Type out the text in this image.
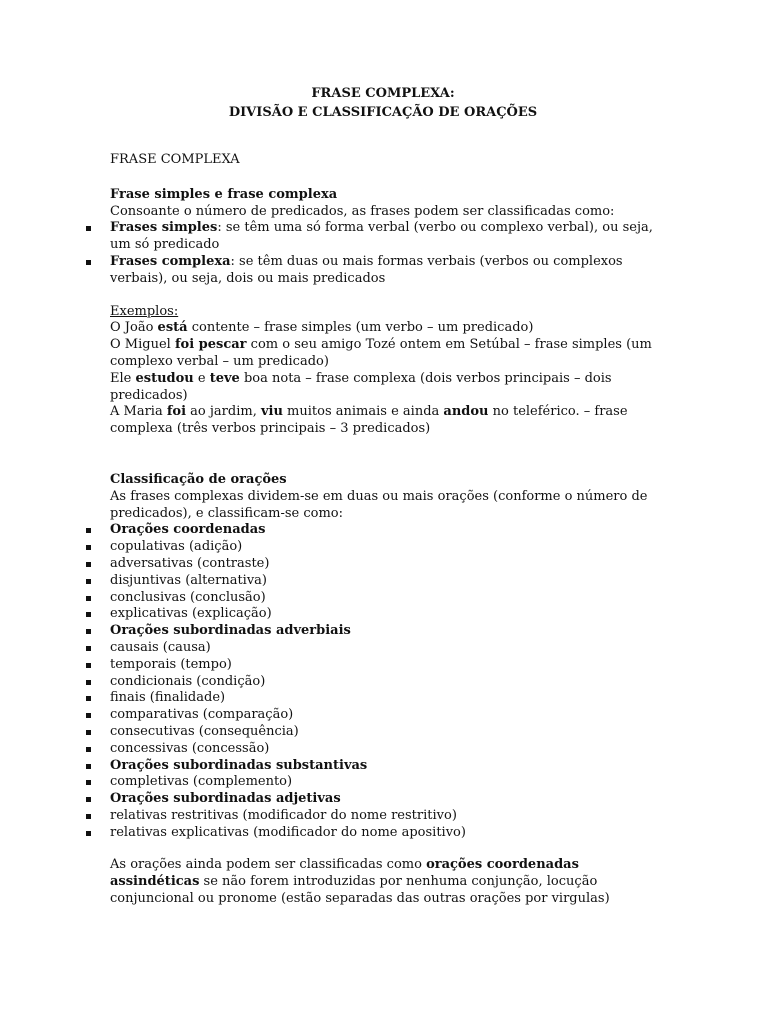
FRASE COMPLEXA:
DIVISÃO E CLASSIFICAÇÃO DE ORAÇÕES

FRASE COMPLEXA

Frase simples e frase complexa

Consoante o número de predicados, as frases podem ser classificadas como:

Frases simples: se têm uma só forma verbal (verbo ou complexo verbal), ou seja, um só predicado
Frases complexa: se têm duas ou mais formas verbais (verbos ou complexos verbais), ou seja, dois ou mais predicados

Exemplos:

O João está contente – frase simples (um verbo – um predicado)

O Miguel foi pescar com o seu amigo Tozé ontem em Setúbal – frase simples (um complexo verbal – um predicado)

Ele estudou e teve boa nota – frase complexa (dois verbos principais – dois predicados)

A Maria foi ao jardim, viu muitos animais e ainda andou no teleférico. – frase complexa (três verbos principais – 3 predicados)

Classificação de orações

As frases complexas dividem-se em duas ou mais orações (conforme o número de predicados), e classificam-se como:

Orações coordenadas
copulativas (adição)
adversativas (contraste)
disjuntivas (alternativa)
conclusivas (conclusão)
explicativas (explicação)
Orações subordinadas adverbiais
causais (causa)
temporais (tempo)
condicionais (condição)
finais (finalidade)
comparativas (comparação)
consecutivas (consequência)
concessivas (concessão)
Orações subordinadas substantivas
completivas (complemento)
Orações subordinadas adjetivas
relativas restritivas (modificador do nome restritivo)
relativas explicativas (modificador do nome apositivo)

As orações ainda podem ser classificadas como orações coordenadas assindéticas se não forem introduzidas por nenhuma conjunção, locução conjuncional ou pronome (estão separadas das outras orações por virgulas)
